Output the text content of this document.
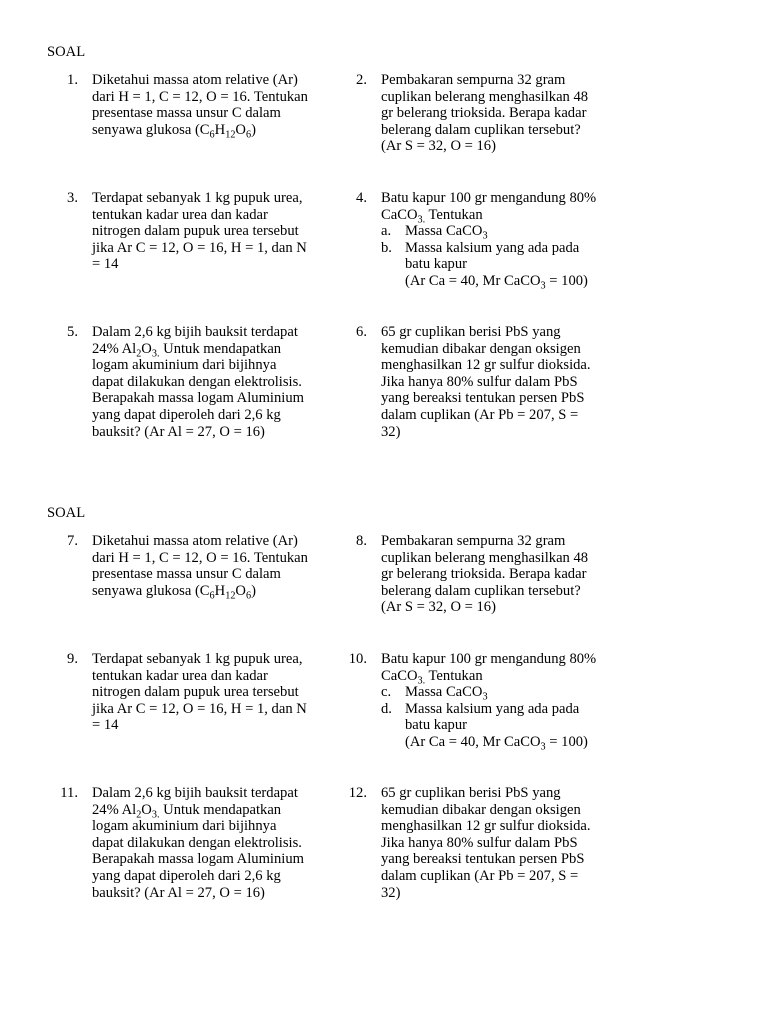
SOAL
1. Diketahui massa atom relative (Ar)
dari H = 1, C = 12, O = 16. Tentukan
presentase massa unsur C dalam
senyawa glukosa $(C_6H_{12}O_6)$
2. Pembakaran sempurna 32 gram
cuplikan belerang menghasilkan 48
gr belerang trioksida. Berapa kadar
belerang dalam cuplikan tersebut?
(Ar S = 32, O = 16)
3. Terdapat sebanyak 1 kg pupuk urea,
tentukan kadar urea dan kadar
nitrogen dalam pupuk urea tersebut
jika Ar C = 12, O = 16, H = 1, dan N
= 14
4. Batu kapur 100 gr mengandung 80%
CaCO$_{3.}$ Tentukan
a. Massa CaCO$_3$
b. Massa kalsium yang ada pada
batu kapur
(Ar Ca = 40, Mr CaCO$_3$ = 100)
5. Dalam 2,6 kg bijih bauksit terdapat
24% $Al_2O_{3.}$ Untuk mendapatkan
logam akuminium dari bijihnya
dapat dilakukan dengan elektrolisis.
Berapakah massa logam Aluminium
yang dapat diperoleh dari 2,6 kg
bauksit? (Ar Al = 27, O = 16)
6. 65 gr cuplikan berisi PbS yang
kemudian dibakar dengan oksigen
menghasilkan 12 gr sulfur dioksida.
Jika hanya 80% sulfur dalam PbS
yang bereaksi tentukan persen PbS
dalam cuplikan (Ar Pb = 207, S =
32)
SOAL
7. Diketahui massa atom relative (Ar)
dari H = 1, C = 12, O = 16. Tentukan
presentase massa unsur C dalam
senyawa glukosa $(C_6H_{12}O_6)$
8. Pembakaran sempurna 32 gram
cuplikan belerang menghasilkan 48
gr belerang trioksida. Berapa kadar
belerang dalam cuplikan tersebut?
(Ar S = 32, O = 16)
9. Terdapat sebanyak 1 kg pupuk urea,
tentukan kadar urea dan kadar
nitrogen dalam pupuk urea tersebut
jika Ar C = 12, O = 16, H = 1, dan N
= 14
10. Batu kapur 100 gr mengandung 80%
CaCO$_{3.}$ Tentukan
c. Massa CaCO$_3$
d. Massa kalsium yang ada pada
batu kapur
(Ar Ca = 40, Mr CaCO$_3$ = 100)
11. Dalam 2,6 kg bijih bauksit terdapat
24% $Al_2O_{3.}$ Untuk mendapatkan
logam akuminium dari bijihnya
dapat dilakukan dengan elektrolisis.
Berapakah massa logam Aluminium
yang dapat diperoleh dari 2,6 kg
bauksit? (Ar Al = 27, O = 16)
12. 65 gr cuplikan berisi PbS yang
kemudian dibakar dengan oksigen
menghasilkan 12 gr sulfur dioksida.
Jika hanya 80% sulfur dalam PbS
yang bereaksi tentukan persen PbS
dalam cuplikan (Ar Pb = 207, S =
32)
